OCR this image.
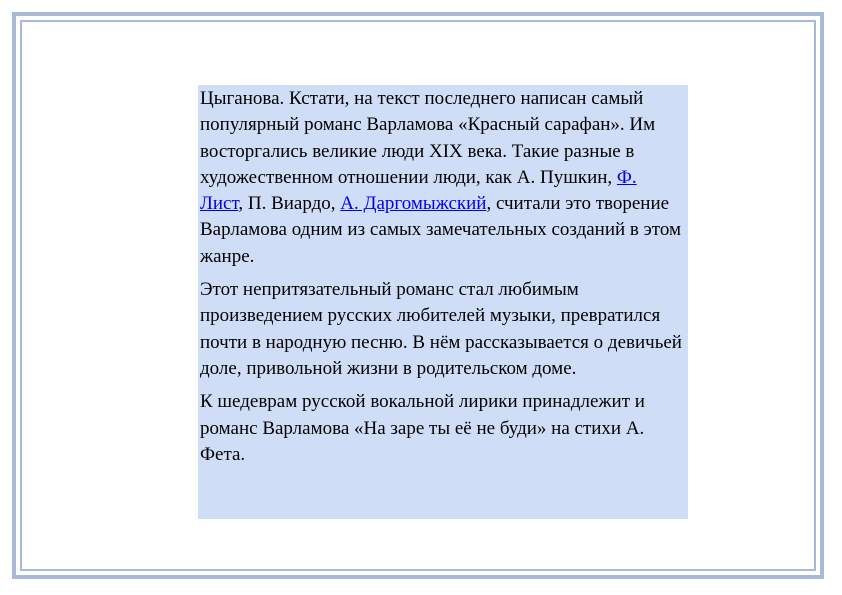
Цыганова. Кстати, на текст последнего написан самый популярный романс Варламова «Красный сарафан». Им восторгались великие люди XIX века. Такие разные в художественном отношении люди, как А. Пушкин, Ф. Лист, П. Виардо, А. Даргомыжский, считали это творение Варламова одним из самых замечательных созданий в этом жанре.

Этот непритязательный романс стал любимым произведением русских любителей музыки, превратился почти в народную песню. В нём рассказывается о девичьей доле, привольной жизни в родительском доме.

К шедеврам русской вокальной лирики принадлежит и романс Варламова «На заре ты её не буди» на стихи А. Фета.
